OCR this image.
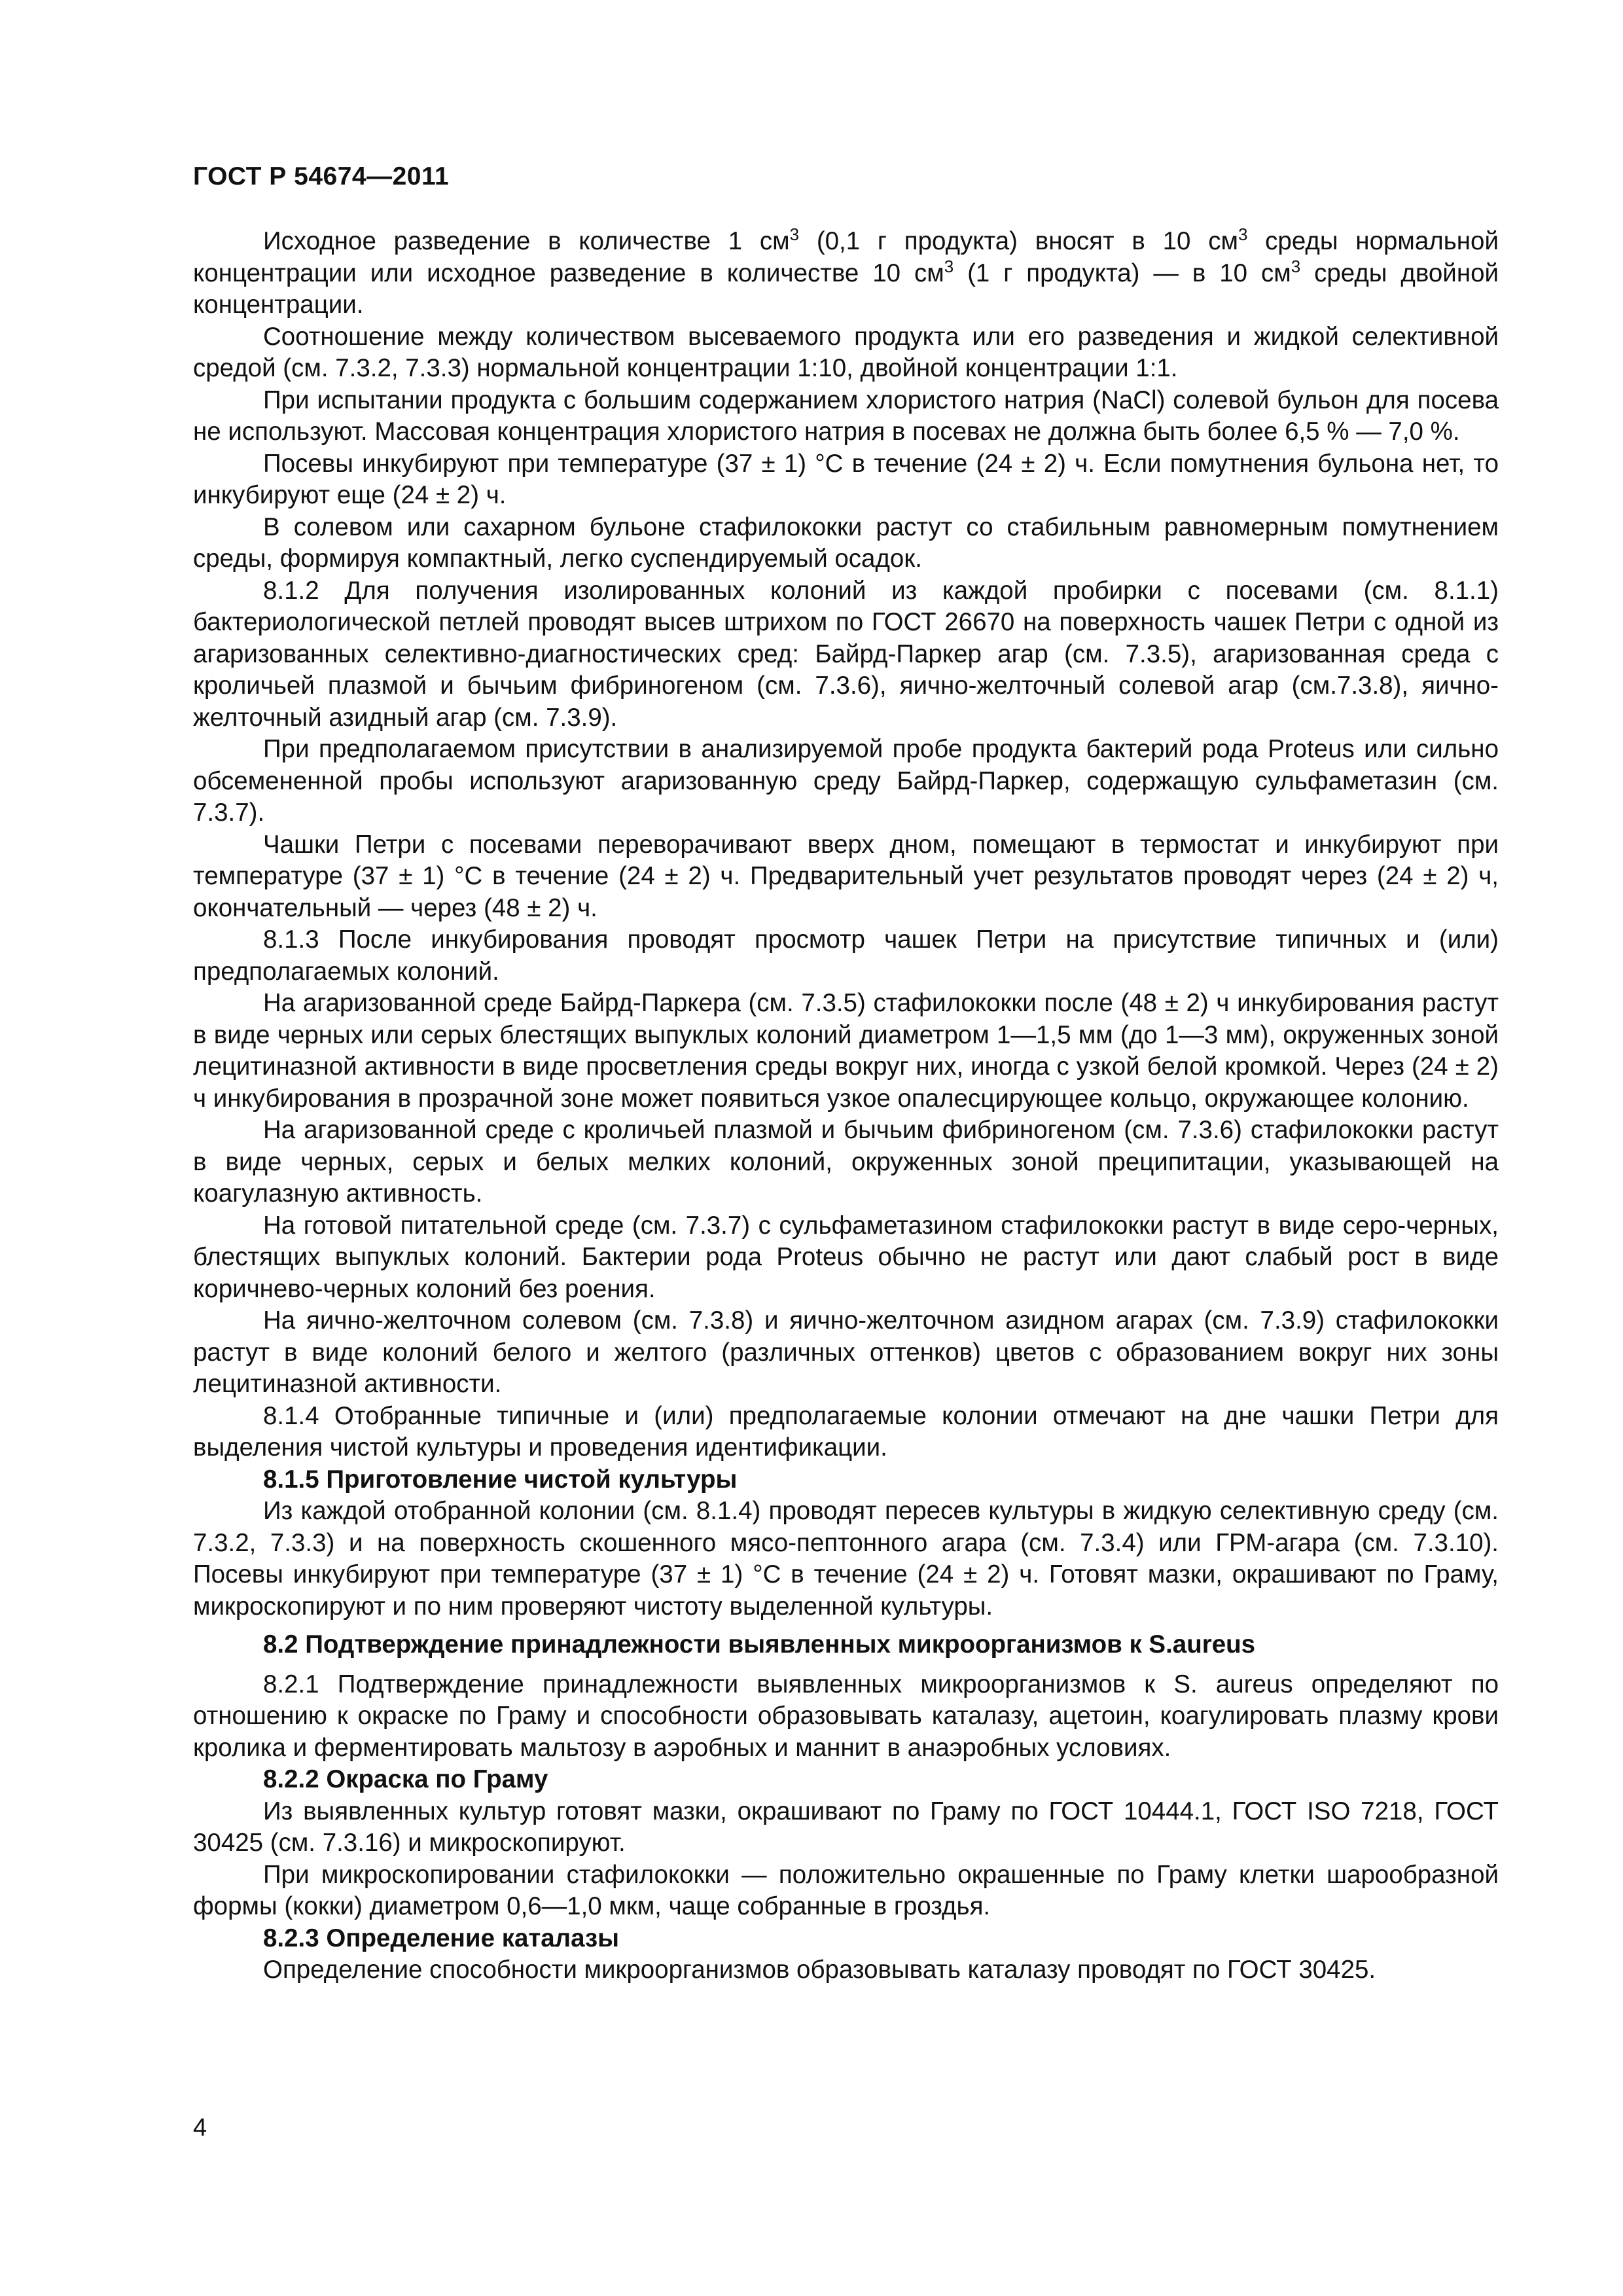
ГОСТ Р 54674—2011

Исходное разведение в количестве 1 $см^3$ (0,1 г продукта) вносят в 10 $см^3$ среды нормальной концентрации или исходное разведение в количестве 10 $см^3$ (1 г продукта) — в 10 $см^3$ среды двойной концентрации.

Соотношение между количеством высеваемого продукта или его разведения и жидкой селективной средой (см. 7.3.2, 7.3.3) нормальной концентрации 1:10, двойной концентрации 1:1.

При испытании продукта с большим содержанием хлористого натрия (NaCl) солевой бульон для посева не используют. Массовая концентрация хлористого натрия в посевах не должна быть более 6,5 % — 7,0 %.

Посевы инкубируют при температуре (37 ± 1) °С в течение (24 ± 2) ч. Если помутнения бульона нет, то инкубируют еще (24 ± 2) ч.

В солевом или сахарном бульоне стафилококки растут со стабильным равномерным помутнением среды, формируя компактный, легко суспендируемый осадок.

8.1.2 Для получения изолированных колоний из каждой пробирки с посевами (см. 8.1.1) бактериологической петлей проводят высев штрихом по ГОСТ 26670 на поверхность чашек Петри с одной из агаризованных селективно-диагностических сред: Байрд-Паркер агар (см. 7.3.5), агаризованная среда с кроличьей плазмой и бычьим фибриногеном (см. 7.3.6), яично-желточный солевой агар (см.7.3.8), яично-желточный азидный агар (см. 7.3.9).

При предполагаемом присутствии в анализируемой пробе продукта бактерий рода Proteus или сильно обсемененной пробы используют агаризованную среду Байрд-Паркер, содержащую сульфаметазин (см. 7.3.7).

Чашки Петри с посевами переворачивают вверх дном, помещают в термостат и инкубируют при температуре (37 ± 1) °С в течение (24 ± 2) ч. Предварительный учет результатов проводят через (24 ± 2) ч, окончательный — через (48 ± 2) ч.

8.1.3 После инкубирования проводят просмотр чашек Петри на присутствие типичных и (или) предполагаемых колоний.

На агаризованной среде Байрд-Паркера (см. 7.3.5) стафилококки после (48 ± 2) ч инкубирования растут в виде черных или серых блестящих выпуклых колоний диаметром 1—1,5 мм (до 1—3 мм), окруженных зоной лецитиназной активности в виде просветления среды вокруг них, иногда с узкой белой кромкой. Через (24 ± 2) ч инкубирования в прозрачной зоне может появиться узкое опалесцирующее кольцо, окружающее колонию.

На агаризованной среде с кроличьей плазмой и бычьим фибриногеном (см. 7.3.6) стафилококки растут в виде черных, серых и белых мелких колоний, окруженных зоной преципитации, указывающей на коагулазную активность.

На готовой питательной среде (см. 7.3.7) с сульфаметазином стафилококки растут в виде серо-черных, блестящих выпуклых колоний. Бактерии рода Proteus обычно не растут или дают слабый рост в виде коричнево-черных колоний без роения.

На яично-желточном солевом (см. 7.3.8) и яично-желточном азидном агарах (см. 7.3.9) стафилококки растут в виде колоний белого и желтого (различных оттенков) цветов с образованием вокруг них зоны лецитиназной активности.

8.1.4 Отобранные типичные и (или) предполагаемые колонии отмечают на дне чашки Петри для выделения чистой культуры и проведения идентификации.

8.1.5 Приготовление чистой культуры

Из каждой отобранной колонии (см. 8.1.4) проводят пересев культуры в жидкую селективную среду (см. 7.3.2, 7.3.3) и на поверхность скошенного мясо-пептонного агара (см. 7.3.4) или ГРМ-агара (см. 7.3.10). Посевы инкубируют при температуре (37 ± 1) °С в течение (24 ± 2) ч. Готовят мазки, окрашивают по Граму, микроскопируют и по ним проверяют чистоту выделенной культуры.

8.2 Подтверждение принадлежности выявленных микроорганизмов к S.aureus

8.2.1 Подтверждение принадлежности выявленных микроорганизмов к S. aureus определяют по отношению к окраске по Граму и способности образовывать каталазу, ацетоин, коагулировать плазму крови кролика и ферментировать мальтозу в аэробных и маннит в анаэробных условиях.

8.2.2 Окраска по Граму

Из выявленных культур готовят мазки, окрашивают по Граму по ГОСТ 10444.1, ГОСТ ISO 7218, ГОСТ 30425 (см. 7.3.16) и микроскопируют.

При микроскопировании стафилококки — положительно окрашенные по Граму клетки шарообразной формы (кокки) диаметром 0,6—1,0 мкм, чаще собранные в гроздья.

8.2.3 Определение каталазы

Определение способности микроорганизмов образовывать каталазу проводят по ГОСТ 30425.

4
